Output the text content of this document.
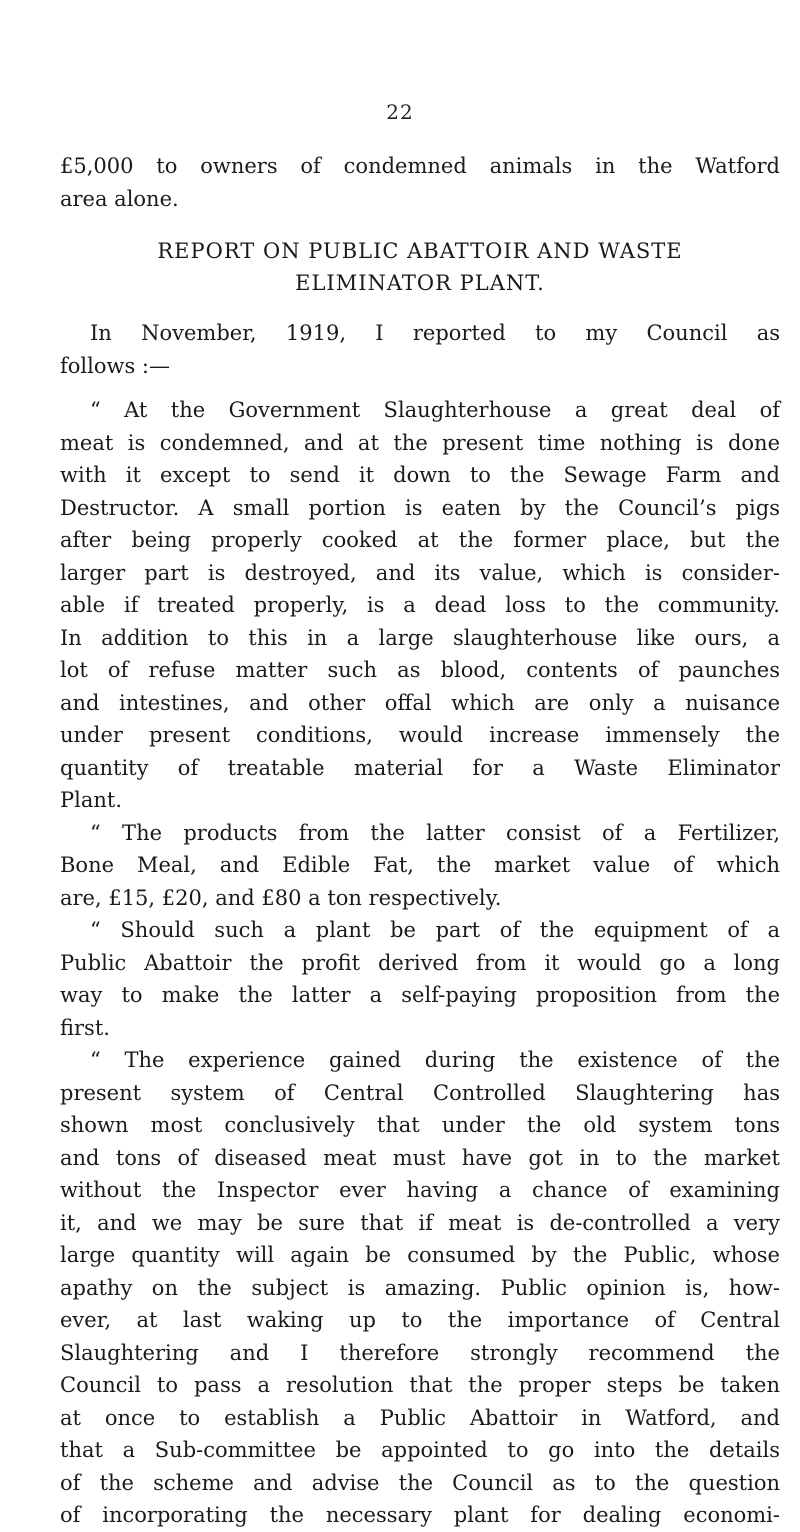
22
£5,000 to owners of condemned animals in the Watford
area alone.
REPORT ON PUBLIC ABATTOIR AND WASTE
ELIMINATOR PLANT.
In November, 1919, I reported to my Council as
follows :—
“ At the Government Slaughterhouse a great deal of
meat is condemned, and at the present time nothing is done
with it except to send it down to the Sewage Farm and
Destructor. A small portion is eaten by the Council’s pigs
after being properly cooked at the former place, but the
larger part is destroyed, and its value, which is consider-
able if treated properly, is a dead loss to the community.
In addition to this in a large slaughterhouse like ours, a
lot of refuse matter such as blood, contents of paunches
and intestines, and other offal which are only a nuisance
under present conditions, would increase immensely the
quantity of treatable material for a Waste Eliminator
Plant.
“ The products from the latter consist of a Fertilizer,
Bone Meal, and Edible Fat, the market value of which
are, £15, £20, and £80 a ton respectively.
“ Should such a plant be part of the equipment of a
Public Abattoir the profit derived from it would go a long
way to make the latter a self-paying proposition from the
first.
“ The experience gained during the existence of the
present system of Central Controlled Slaughtering has
shown most conclusively that under the old system tons
and tons of diseased meat must have got in to the market
without the Inspector ever having a chance of examining
it, and we may be sure that if meat is de-controlled a very
large quantity will again be consumed by the Public, whose
apathy on the subject is amazing. Public opinion is, how-
ever, at last waking up to the importance of Central
Slaughtering and I therefore strongly recommend the
Council to pass a resolution that the proper steps be taken
at once to establish a Public Abattoir in Watford, and
that a Sub-committee be appointed to go into the details
of the scheme and advise the Council as to the question
of incorporating the necessary plant for dealing economi-
